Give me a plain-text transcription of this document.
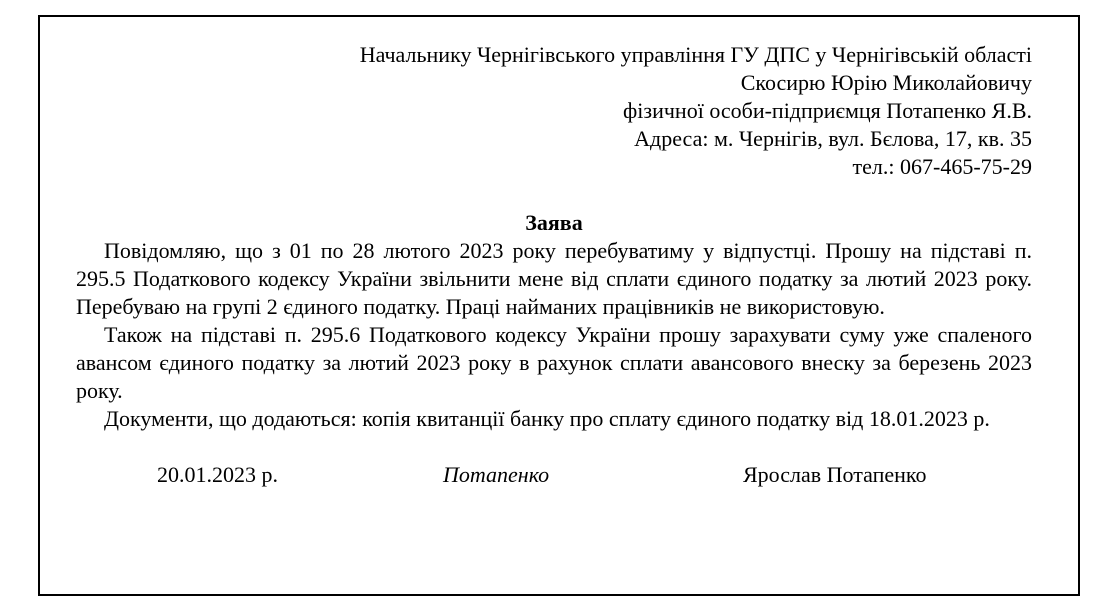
Начальнику Чернігівського управління ГУ ДПС у Чернігівській області
Скосирю Юрію Миколайовичу
фізичної особи-підприємця Потапенко Я.В.
Адреса: м. Чернігів, вул. Бєлова, 17, кв. 35
тел.: 067-465-75-29
Заява
Повідомляю, що з 01 по 28 лютого 2023 року перебуватиму у відпустці. Прошу на підставі п. 295.5 Податкового кодексу України звільнити мене від сплати єдиного податку за лютий 2023 року. Перебуваю на групі 2 єдиного податку. Праці найманих працівників не використовую.
Також на підставі п. 295.6 Податкового кодексу України прошу зарахувати суму уже спаленого авансом єдиного податку за лютий 2023 року в рахунок сплати авансового внеску за березень 2023 року.
Документи, що додаються: копія квитанції банку про сплату єдиного податку від 18.01.2023 р.
20.01.2023 р.	Потапенко	Ярослав Потапенко
